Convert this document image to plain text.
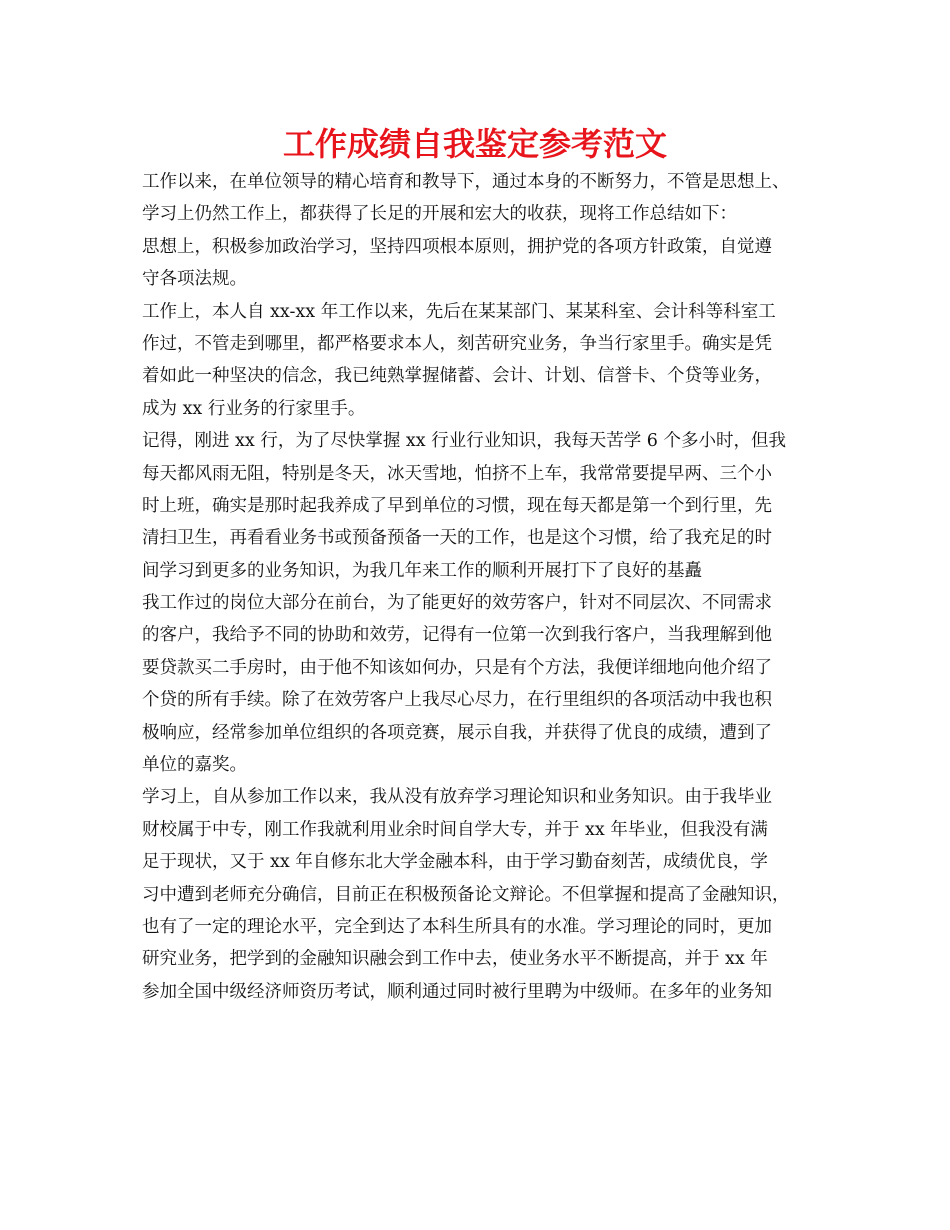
工作成绩自我鉴定参考范文

工作以来，在单位领导的精心培育和教导下，通过本身的不断努力，不管是思想上、

学习上仍然工作上，都获得了长足的开展和宏大的收获，现将工作总结如下：

思想上，积极参加政治学习，坚持四项根本原则，拥护党的各项方针政策，自觉遵

守各项法规。

工作上，本人自 xx-xx 年工作以来，先后在某某部门、某某科室、会计科等科室工

作过，不管走到哪里，都严格要求本人，刻苦研究业务，争当行家里手。确实是凭

着如此一种坚决的信念，我已纯熟掌握储蓄、会计、计划、信誉卡、个贷等业务，

成为 xx 行业务的行家里手。

记得，刚进 xx 行，为了尽快掌握 xx 行业行业知识，我每天苦学 6 个多小时，但我

每天都风雨无阻，特别是冬天，冰天雪地，怕挤不上车，我常常要提早两、三个小

时上班，确实是那时起我养成了早到单位的习惯，现在每天都是第一个到行里，先

清扫卫生，再看看业务书或预备预备一天的工作，也是这个习惯，给了我充足的时

间学习到更多的业务知识，为我几年来工作的顺利开展打下了良好的基矗

我工作过的岗位大部分在前台，为了能更好的效劳客户，针对不同层次、不同需求

的客户，我给予不同的协助和效劳，记得有一位第一次到我行客户，当我理解到他

要贷款买二手房时，由于他不知该如何办，只是有个方法，我便详细地向他介绍了

个贷的所有手续。除了在效劳客户上我尽心尽力，在行里组织的各项活动中我也积

极响应，经常参加单位组织的各项竞赛，展示自我，并获得了优良的成绩，遭到了

单位的嘉奖。

学习上，自从参加工作以来，我从没有放弃学习理论知识和业务知识。由于我毕业

财校属于中专，刚工作我就利用业余时间自学大专，并于 xx 年毕业，但我没有满

足于现状，又于 xx 年自修东北大学金融本科，由于学习勤奋刻苦，成绩优良，学

习中遭到老师充分确信，目前正在积极预备论文辩论。不但掌握和提高了金融知识，

也有了一定的理论水平，完全到达了本科生所具有的水准。学习理论的同时，更加

研究业务，把学到的金融知识融会到工作中去，使业务水平不断提高，并于 xx 年

参加全国中级经济师资历考试，顺利通过同时被行里聘为中级师。在多年的业务知
